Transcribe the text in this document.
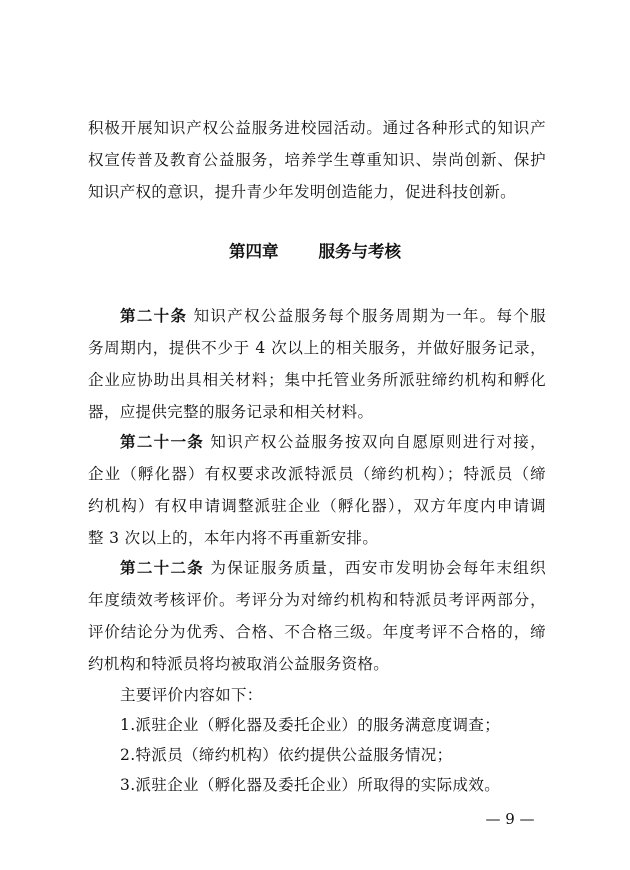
积极开展知识产权公益服务进校园活动。通过各种形式的知识产
权宣传普及教育公益服务，培养学生尊重知识、崇尚创新、保护
知识产权的意识，提升青少年发明创造能力，促进科技创新。
第四章 服务与考核
第二十条 知识产权公益服务每个服务周期为一年。每个服
务周期内，提供不少于 4 次以上的相关服务，并做好服务记录，
企业应协助出具相关材料；集中托管业务所派驻缔约机构和孵化
器，应提供完整的服务记录和相关材料。
第二十一条 知识产权公益服务按双向自愿原则进行对接，
企业（孵化器）有权要求改派特派员（缔约机构）；特派员（缔
约机构）有权申请调整派驻企业（孵化器），双方年度内申请调
整 3 次以上的，本年内将不再重新安排。
第二十二条 为保证服务质量，西安市发明协会每年末组织
年度绩效考核评价。考评分为对缔约机构和特派员考评两部分，
评价结论分为优秀、合格、不合格三级。年度考评不合格的，缔
约机构和特派员将均被取消公益服务资格。
主要评价内容如下：
1.派驻企业（孵化器及委托企业）的服务满意度调查；
2.特派员（缔约机构）依约提供公益服务情况；
3.派驻企业（孵化器及委托企业）所取得的实际成效。
— 9 —
